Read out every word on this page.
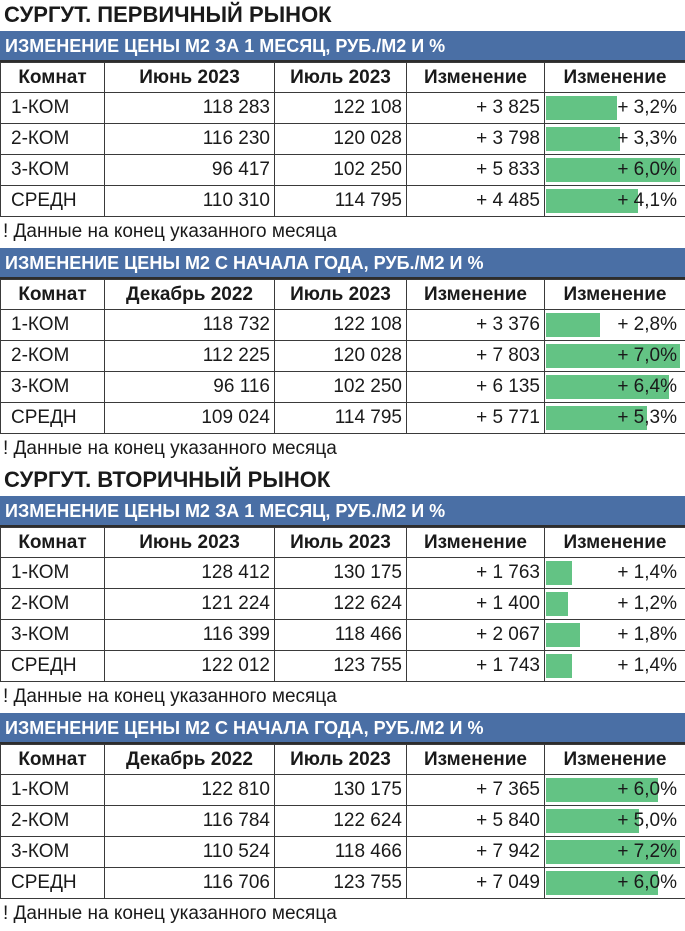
СУРГУТ. ПЕРВИЧНЫЙ РЫНОК
ИЗМЕНЕНИЕ ЦЕНЫ М2 ЗА 1 МЕСЯЦ, РУБ./М2 И %
Комнат	Июнь 2023	Июль 2023	Изменение	Изменение
1-КОМ	118 283	122 108	+ 3 825	+ 3,2%

2-КОМ	116 230	120 028	+ 3 798	+ 3,3%

3-КОМ	96 417	102 250	+ 5 833	+ 6,0%

СРЕДН	110 310	114 795	+ 4 485	+ 4,1%
! Данные на конец указанного месяца
ИЗМЕНЕНИЕ ЦЕНЫ М2 С НАЧАЛА ГОДА, РУБ./М2 И %
Комнат	Декабрь 2022	Июль 2023	Изменение	Изменение
1-КОМ	118 732	122 108	+ 3 376	+ 2,8%

2-КОМ	112 225	120 028	+ 7 803	+ 7,0%

3-КОМ	96 116	102 250	+ 6 135	+ 6,4%

СРЕДН	109 024	114 795	+ 5 771	+ 5,3%
! Данные на конец указанного месяца
СУРГУТ. ВТОРИЧНЫЙ РЫНОК
ИЗМЕНЕНИЕ ЦЕНЫ М2 ЗА 1 МЕСЯЦ, РУБ./М2 И %
Комнат	Июнь 2023	Июль 2023	Изменение	Изменение
1-КОМ	128 412	130 175	+ 1 763	+ 1,4%

2-КОМ	121 224	122 624	+ 1 400	+ 1,2%

3-КОМ	116 399	118 466	+ 2 067	+ 1,8%

СРЕДН	122 012	123 755	+ 1 743	+ 1,4%
! Данные на конец указанного месяца
ИЗМЕНЕНИЕ ЦЕНЫ М2 С НАЧАЛА ГОДА, РУБ./М2 И %
Комнат	Декабрь 2022	Июль 2023	Изменение	Изменение
1-КОМ	122 810	130 175	+ 7 365	+ 6,0%

2-КОМ	116 784	122 624	+ 5 840	+ 5,0%

3-КОМ	110 524	118 466	+ 7 942	+ 7,2%

СРЕДН	116 706	123 755	+ 7 049	+ 6,0%
! Данные на конец указанного месяца
